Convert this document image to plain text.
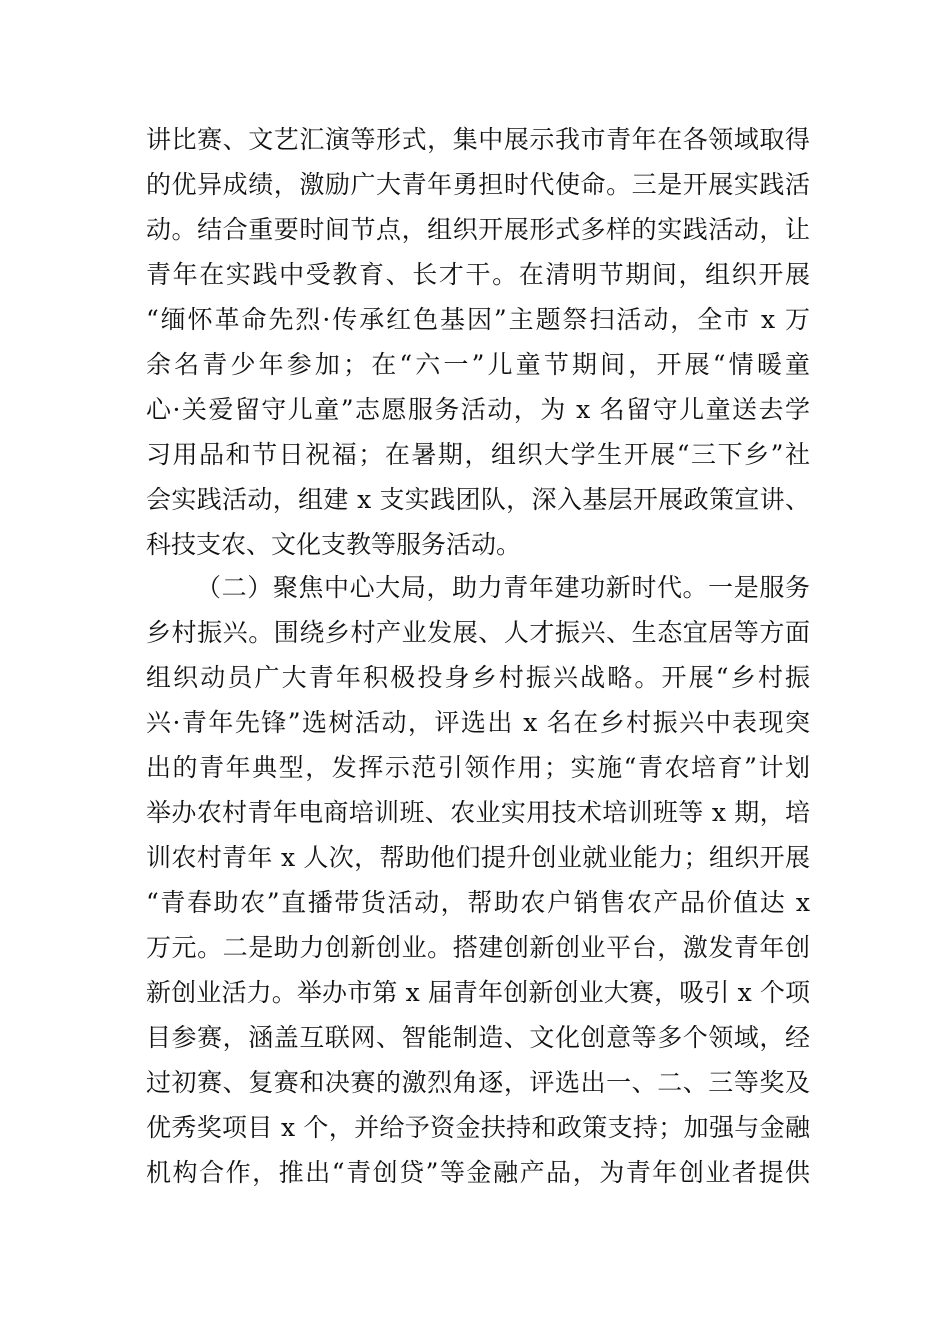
讲比赛、文艺汇演等形式，集中展示我市青年在各领域取得
的优异成绩，激励广大青年勇担时代使命。三是开展实践活
动。结合重要时间节点，组织开展形式多样的实践活动，让
青年在实践中受教育、长才干。在清明节期间，组织开展
“缅怀革命先烈·传承红色基因”主题祭扫活动，全市 x 万
余名青少年参加；在“六一”儿童节期间，开展“情暖童
心·关爱留守儿童”志愿服务活动，为 x 名留守儿童送去学
习用品和节日祝福；在暑期，组织大学生开展“三下乡”社
会实践活动，组建 x 支实践团队，深入基层开展政策宣讲、
科技支农、文化支教等服务活动。
（二）聚焦中心大局，助力青年建功新时代。一是服务
乡村振兴。围绕乡村产业发展、人才振兴、生态宜居等方面
组织动员广大青年积极投身乡村振兴战略。开展“乡村振
兴·青年先锋”选树活动，评选出 x 名在乡村振兴中表现突
出的青年典型，发挥示范引领作用；实施“青农培育”计划
举办农村青年电商培训班、农业实用技术培训班等 x 期，培
训农村青年 x 人次，帮助他们提升创业就业能力；组织开展
“青春助农”直播带货活动，帮助农户销售农产品价值达 x
万元。二是助力创新创业。搭建创新创业平台，激发青年创
新创业活力。举办市第 x 届青年创新创业大赛，吸引 x 个项
目参赛，涵盖互联网、智能制造、文化创意等多个领域，经
过初赛、复赛和决赛的激烈角逐，评选出一、二、三等奖及
优秀奖项目 x 个，并给予资金扶持和政策支持；加强与金融
机构合作，推出“青创贷”等金融产品，为青年创业者提供
